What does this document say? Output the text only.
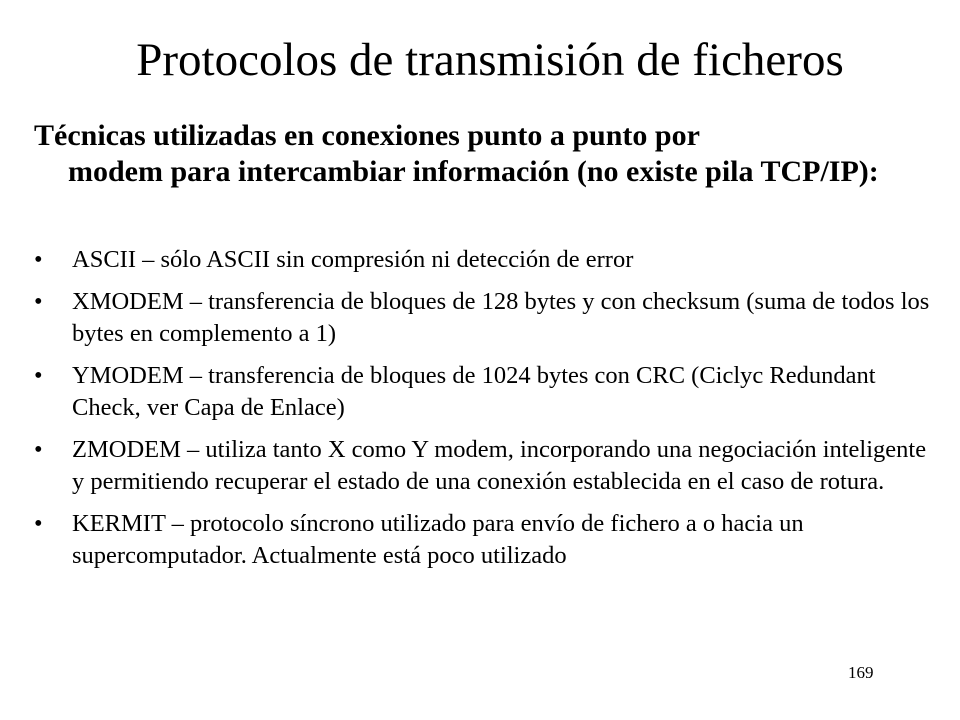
Protocolos de transmisión de ficheros
Técnicas utilizadas en conexiones punto a punto por
modem para intercambiar información (no existe pila TCP/IP):
• ASCII – sólo ASCII sin compresión ni detección de error
• XMODEM – transferencia de bloques de 128 bytes y con checksum (suma de todos los bytes en complemento a 1)
• YMODEM – transferencia de bloques de 1024 bytes con CRC (Ciclyc Redundant Check, ver Capa de Enlace)
• ZMODEM – utiliza tanto X como Y modem, incorporando una negociación inteligente y permitiendo recuperar el estado de una conexión establecida en el caso de rotura.
• KERMIT – protocolo síncrono utilizado para envío de fichero a o hacia un supercomputador. Actualmente está poco utilizado
169
